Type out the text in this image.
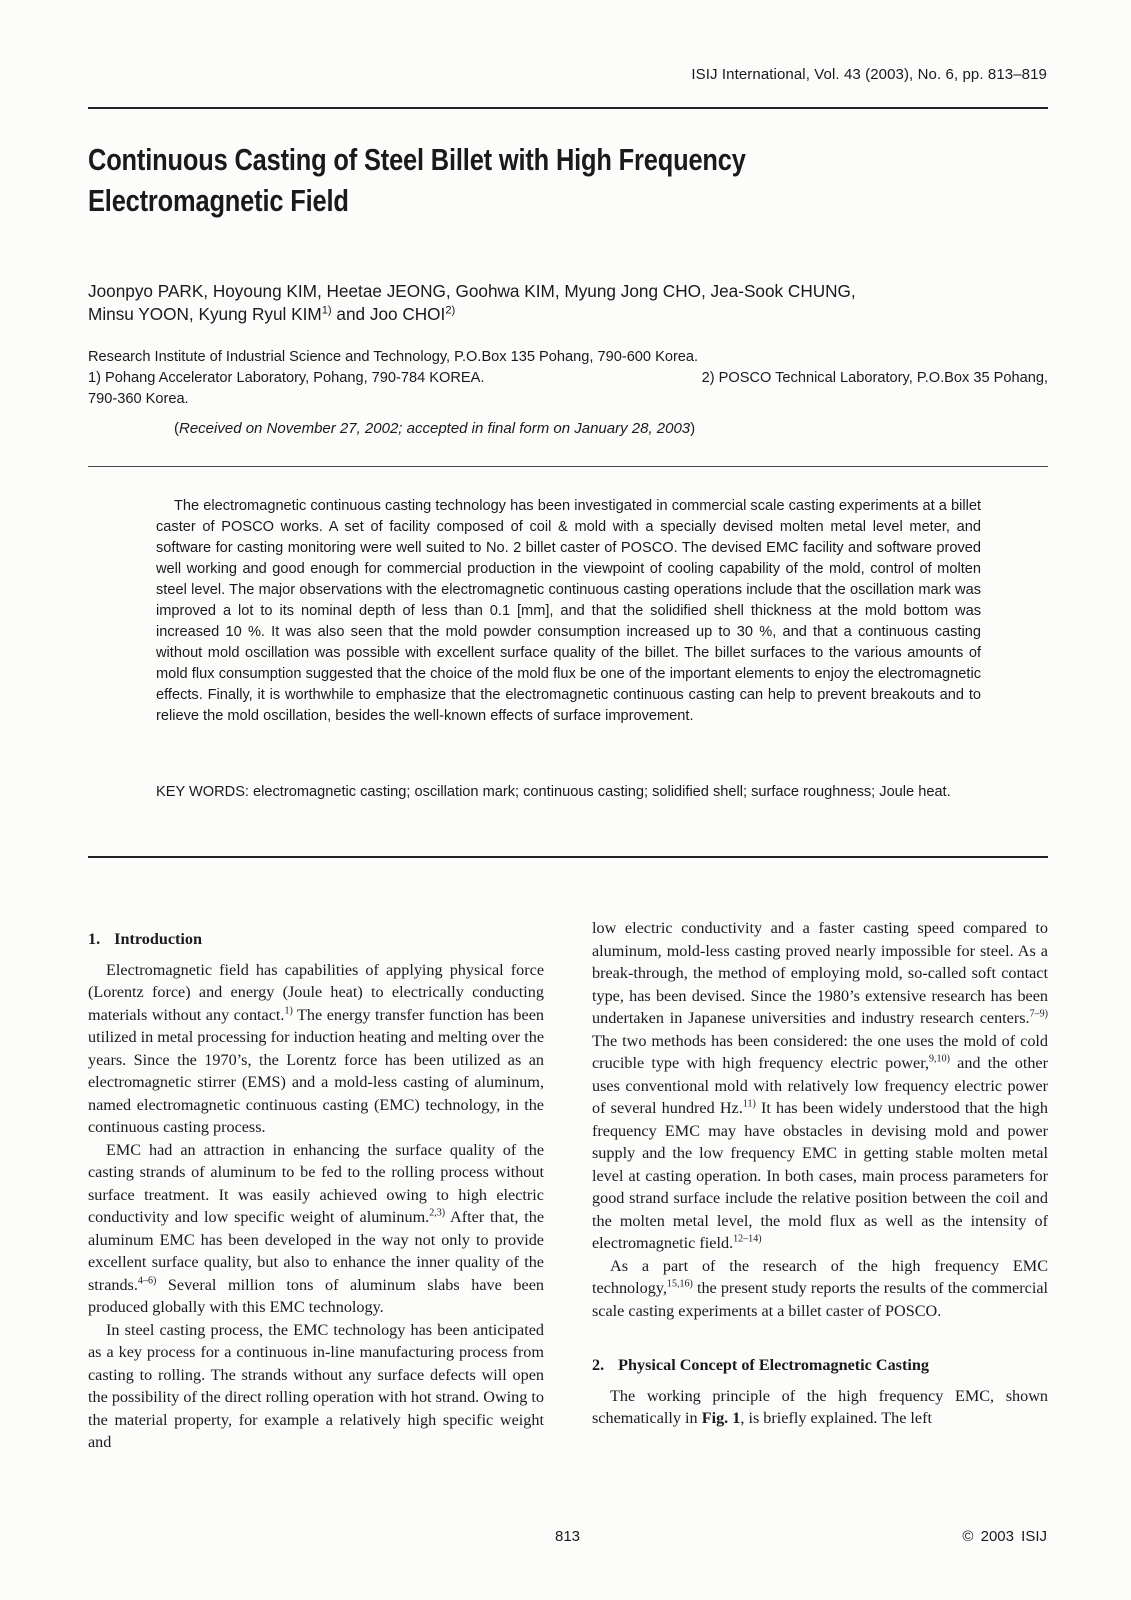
ISIJ International, Vol. 43 (2003), No. 6, pp. 813–819
Continuous Casting of Steel Billet with High Frequency
Electromagnetic Field
Joonpyo PARK, Hoyoung KIM, Heetae JEONG, Goohwa KIM, Myung Jong CHO, Jea-Sook CHUNG,
Minsu YOON, Kyung Ryul KIM$^{1)}$ and Joo CHOI$^{2)}$
Research Institute of Industrial Science and Technology, P.O.Box 135 Pohang, 790-600 Korea.
1) Pohang Accelerator Laboratory, Pohang, 790-784 KOREA.	2) POSCO Technical Laboratory, P.O.Box 35 Pohang,
790-360 Korea.
(Received on November 27, 2002; accepted in final form on January 28, 2003)
The electromagnetic continuous casting technology has been investigated in commercial scale casting experiments at a billet caster of POSCO works. A set of facility composed of coil & mold with a specially devised molten metal level meter, and software for casting monitoring were well suited to No. 2 billet caster of POSCO. The devised EMC facility and software proved well working and good enough for commercial production in the viewpoint of cooling capability of the mold, control of molten steel level. The major observations with the electromagnetic continuous casting operations include that the oscillation mark was improved a lot to its nominal depth of less than 0.1 [mm], and that the solidified shell thickness at the mold bottom was increased 10 %. It was also seen that the mold powder consumption increased up to 30 %, and that a continuous casting without mold oscillation was possible with excellent surface quality of the billet. The billet surfaces to the various amounts of mold flux consumption suggested that the choice of the mold flux be one of the important elements to enjoy the electromagnetic effects. Finally, it is worthwhile to emphasize that the electromagnetic continuous casting can help to prevent breakouts and to relieve the mold oscillation, besides the well-known effects of surface improvement.
KEY WORDS: electromagnetic casting; oscillation mark; continuous casting; solidified shell; surface roughness; Joule heat.
1. Introduction
Electromagnetic field has capabilities of applying physical force (Lorentz force) and energy (Joule heat) to electrically conducting materials without any contact.$^{1)}$ The energy transfer function has been utilized in metal processing for induction heating and melting over the years. Since the 1970’s, the Lorentz force has been utilized as an electromagnetic stirrer (EMS) and a mold-less casting of aluminum, named electromagnetic continuous casting (EMC) technology, in the continuous casting process.
EMC had an attraction in enhancing the surface quality of the casting strands of aluminum to be fed to the rolling process without surface treatment. It was easily achieved owing to high electric conductivity and low specific weight of aluminum.$^{2,3)}$ After that, the aluminum EMC has been developed in the way not only to provide excellent surface quality, but also to enhance the inner quality of the strands.$^{4-6)}$ Several million tons of aluminum slabs have been produced globally with this EMC technology.
In steel casting process, the EMC technology has been anticipated as a key process for a continuous in-line manufacturing process from casting to rolling. The strands without any surface defects will open the possibility of the direct rolling operation with hot strand. Owing to the material property, for example a relatively high specific weight and
low electric conductivity and a faster casting speed compared to aluminum, mold-less casting proved nearly impossible for steel. As a break-through, the method of employing mold, so-called soft contact type, has been devised. Since the 1980’s extensive research has been undertaken in Japanese universities and industry research centers.$^{7-9)}$ The two methods has been considered: the one uses the mold of cold crucible type with high frequency electric power,$^{9,10)}$ and the other uses conventional mold with relatively low frequency electric power of several hundred Hz.$^{11)}$ It has been widely understood that the high frequency EMC may have obstacles in devising mold and power supply and the low frequency EMC in getting stable molten metal level at casting operation. In both cases, main process parameters for good strand surface include the relative position between the coil and the molten metal level, the mold flux as well as the intensity of electromagnetic field.$^{12-14)}$
As a part of the research of the high frequency EMC technology,$^{15,16)}$ the present study reports the results of the commercial scale casting experiments at a billet caster of POSCO.
2. Physical Concept of Electromagnetic Casting
The working principle of the high frequency EMC, shown schematically in Fig. 1, is briefly explained. The left
813	© 2003 ISIJ
